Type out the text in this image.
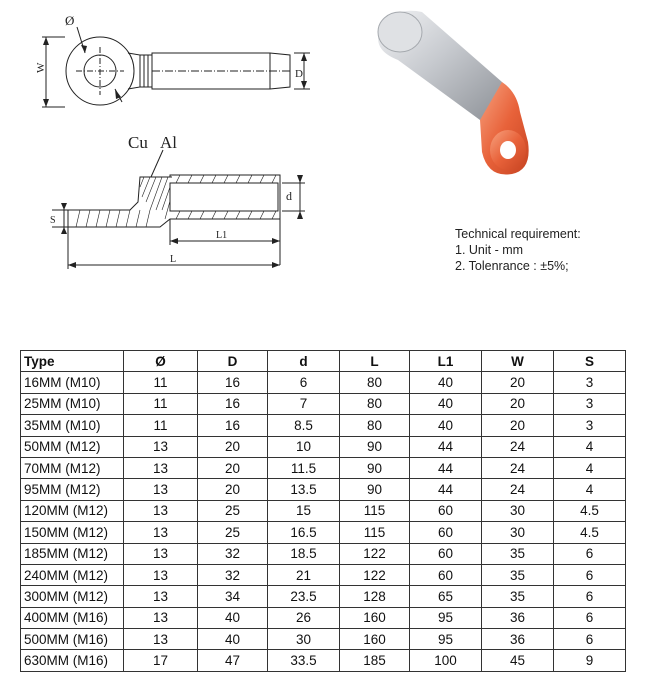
Ø
W
D
Cu Al
S
d
L1
L
Technical requirement:
1. Unit - mm
2. Tolenrance : ±5%;
Type	Ø	D	d	L	L1	W	S
16MM (M10)	11	16	6	80	40	20	3
25MM (M10)	11	16	7	80	40	20	3
35MM (M10)	11	16	8.5	80	40	20	3
50MM (M12)	13	20	10	90	44	24	4
70MM (M12)	13	20	11.5	90	44	24	4
95MM (M12)	13	20	13.5	90	44	24	4
120MM (M12)	13	25	15	115	60	30	4.5
150MM (M12)	13	25	16.5	115	60	30	4.5
185MM (M12)	13	32	18.5	122	60	35	6
240MM (M12)	13	32	21	122	60	35	6
300MM (M12)	13	34	23.5	128	65	35	6
400MM (M16)	13	40	26	160	95	36	6
500MM (M16)	13	40	30	160	95	36	6
630MM (M16)	17	47	33.5	185	100	45	9
